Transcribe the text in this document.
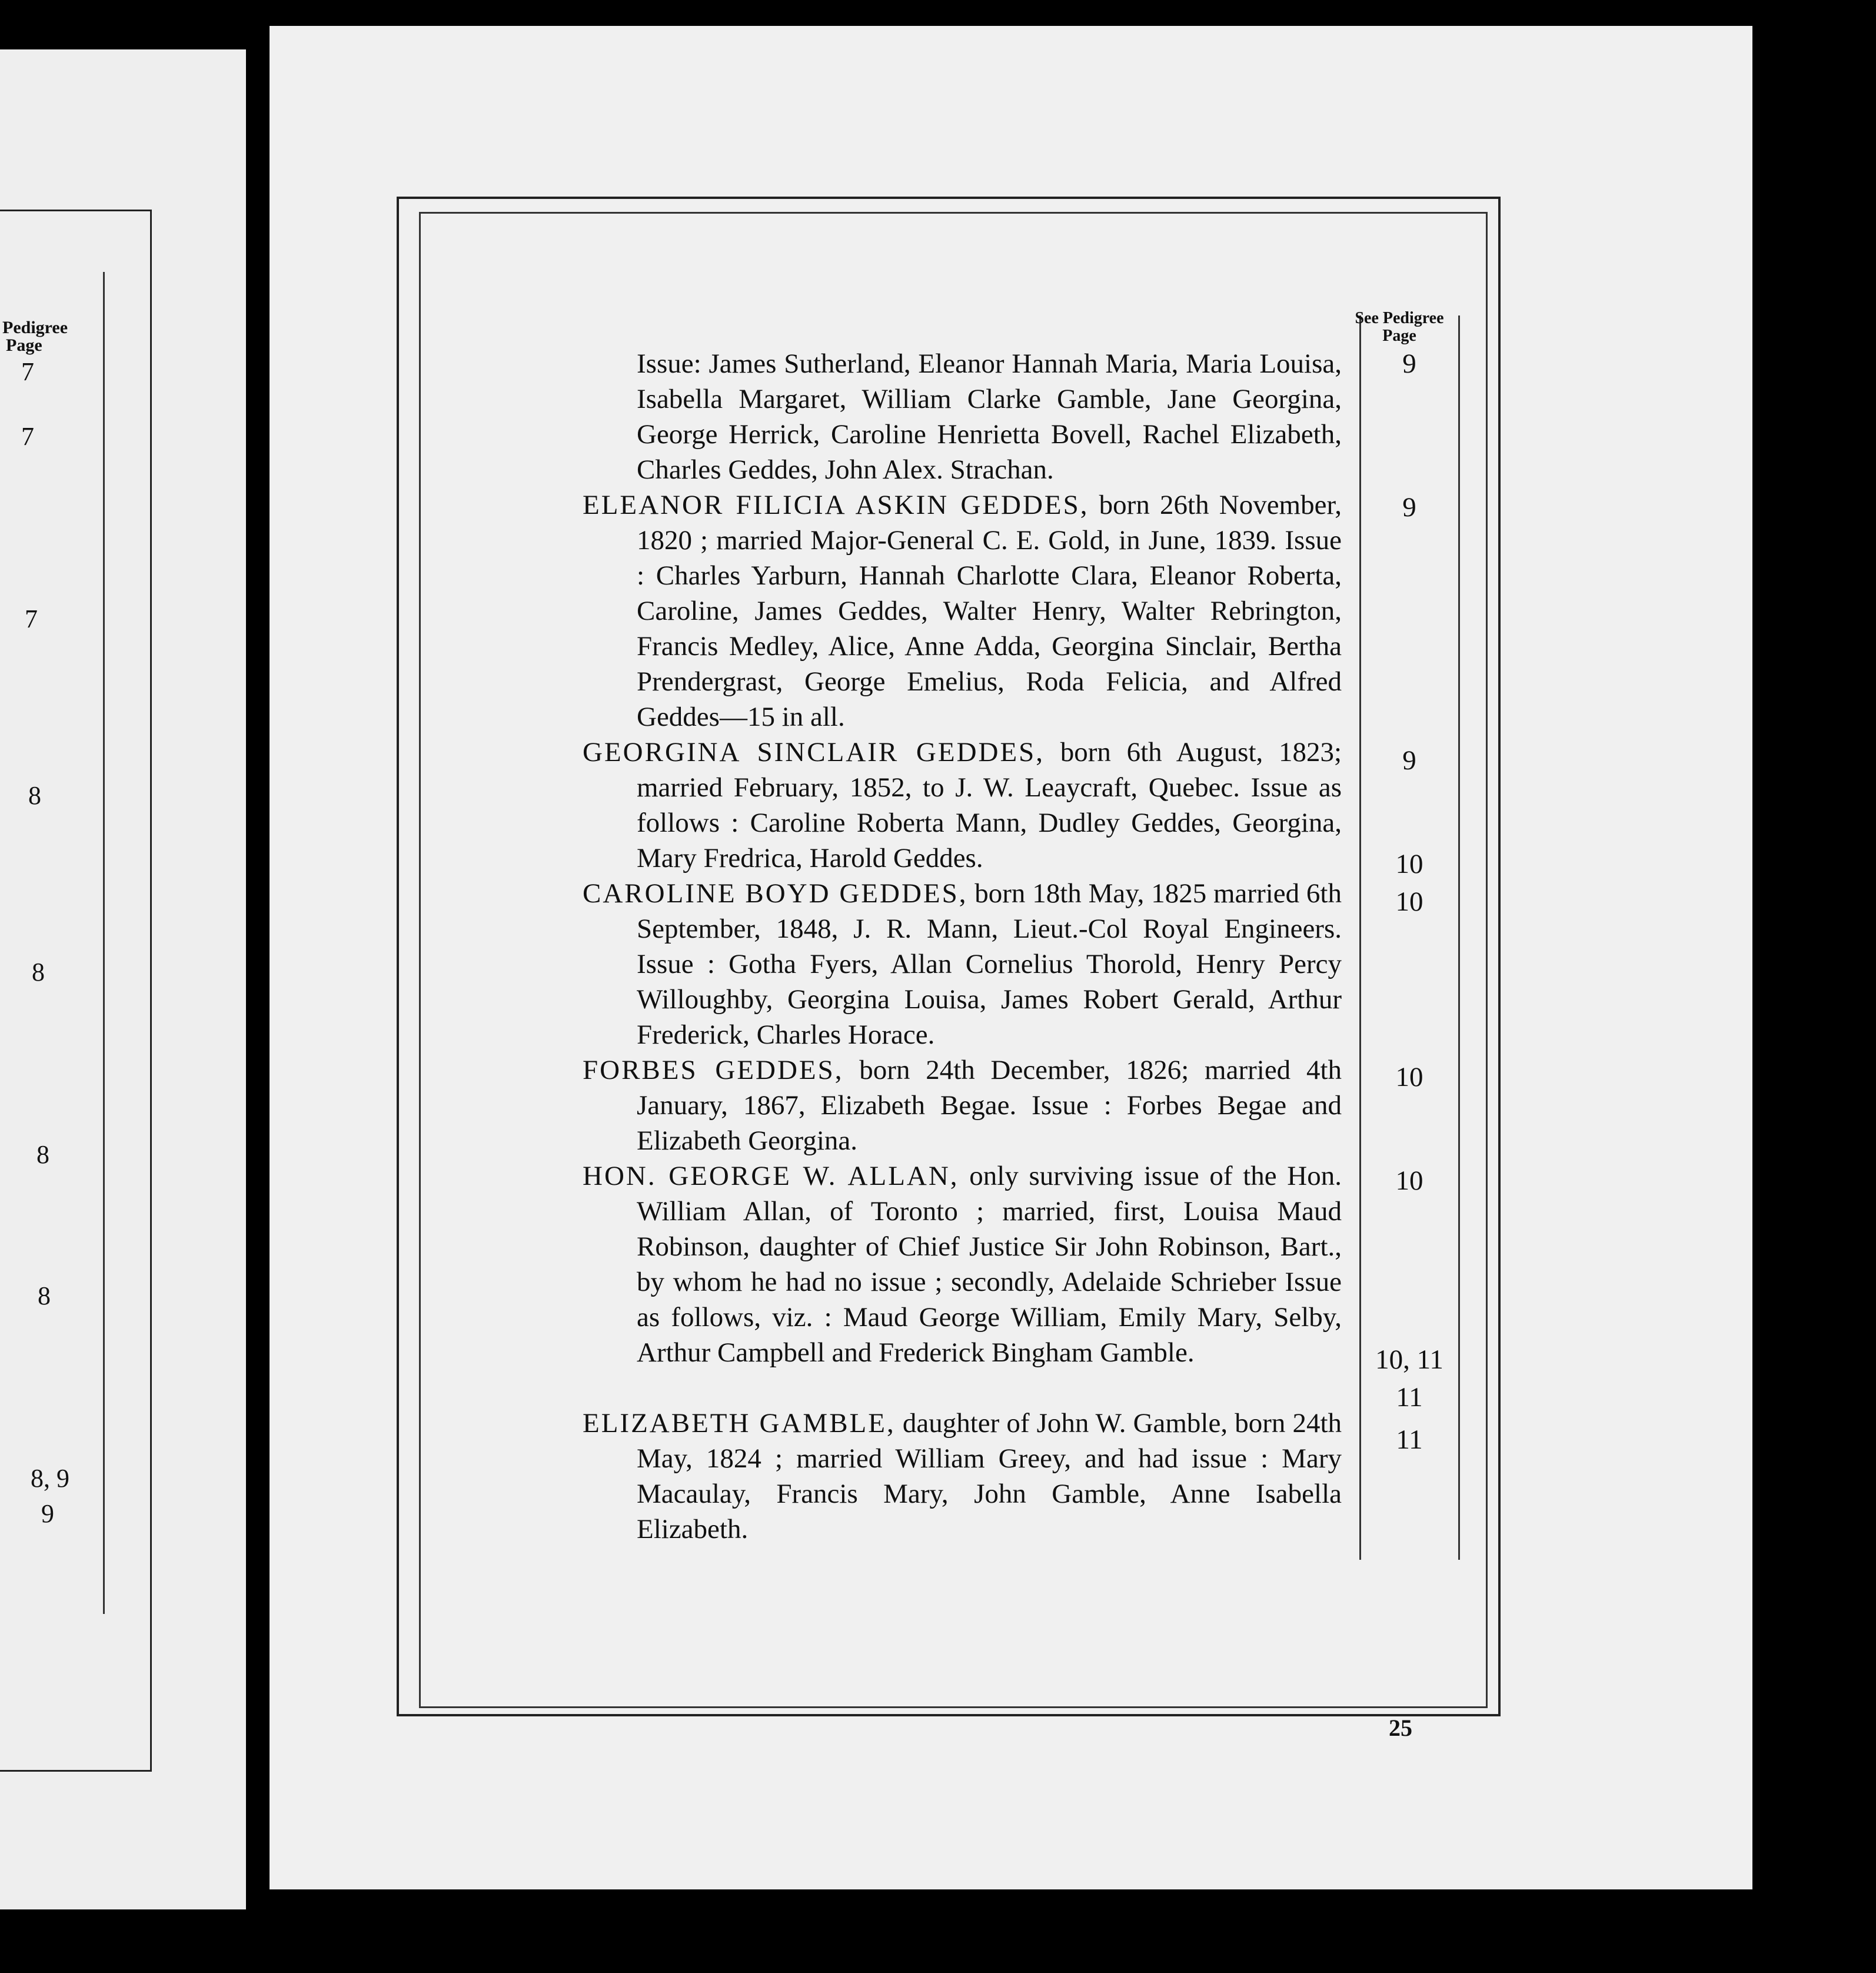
Pedigree
Page
7
7
7
8
8
8
8
8, 9
9
See Pedigree
Page

Issue: James Sutherland, Eleanor Hannah Maria, Maria Louisa, Isabella Margaret, William Clarke Gamble, Jane Georgina, George Herrick, Caroline Henrietta Bovell, Rachel Elizabeth, Charles Geddes, John Alex. Strachan.

ELEANOR FILICIA ASKIN GEDDES, born 26th November, 1820 ; married Major-General C. E. Gold, in June, 1839. Issue : Charles Yarburn, Hannah Charlotte Clara, Eleanor Roberta, Caroline, James Geddes, Walter Henry, Walter Rebrington, Francis Medley, Alice, Anne Adda, Georgina Sinclair, Bertha Prendergrast, George Emelius, Roda Felicia, and Alfred Geddes—15 in all.

GEORGINA SINCLAIR GEDDES, born 6th August, 1823; married February, 1852, to J. W. Leaycraft, Quebec. Issue as follows : Caroline Roberta Mann, Dudley Geddes, Georgina, Mary Fredrica, Harold Geddes.

CAROLINE BOYD GEDDES, born 18th May, 1825 married 6th September, 1848, J. R. Mann, Lieut.-Col Royal Engineers. Issue : Gotha Fyers, Allan Cornelius Thorold, Henry Percy Willoughby, Georgina Louisa, James Robert Gerald, Arthur Frederick, Charles Horace.

FORBES GEDDES, born 24th December, 1826; married 4th January, 1867, Elizabeth Begae. Issue : Forbes Begae and Elizabeth Georgina.

HON. GEORGE W. ALLAN, only surviving issue of the Hon. William Allan, of Toronto ; married, first, Louisa Maud Robinson, daughter of Chief Justice Sir John Robinson, Bart., by whom he had no issue ; secondly, Adelaide Schrieber Issue as follows, viz. : Maud George William, Emily Mary, Selby, Arthur Campbell and Frederick Bingham Gamble.

ELIZABETH GAMBLE, daughter of John W. Gamble, born 24th May, 1824 ; married William Greey, and had issue : Mary Macaulay, Francis Mary, John Gamble, Anne Isabella Elizabeth.

9
9
9
10
10
10
10
10, 11
11
11
25
